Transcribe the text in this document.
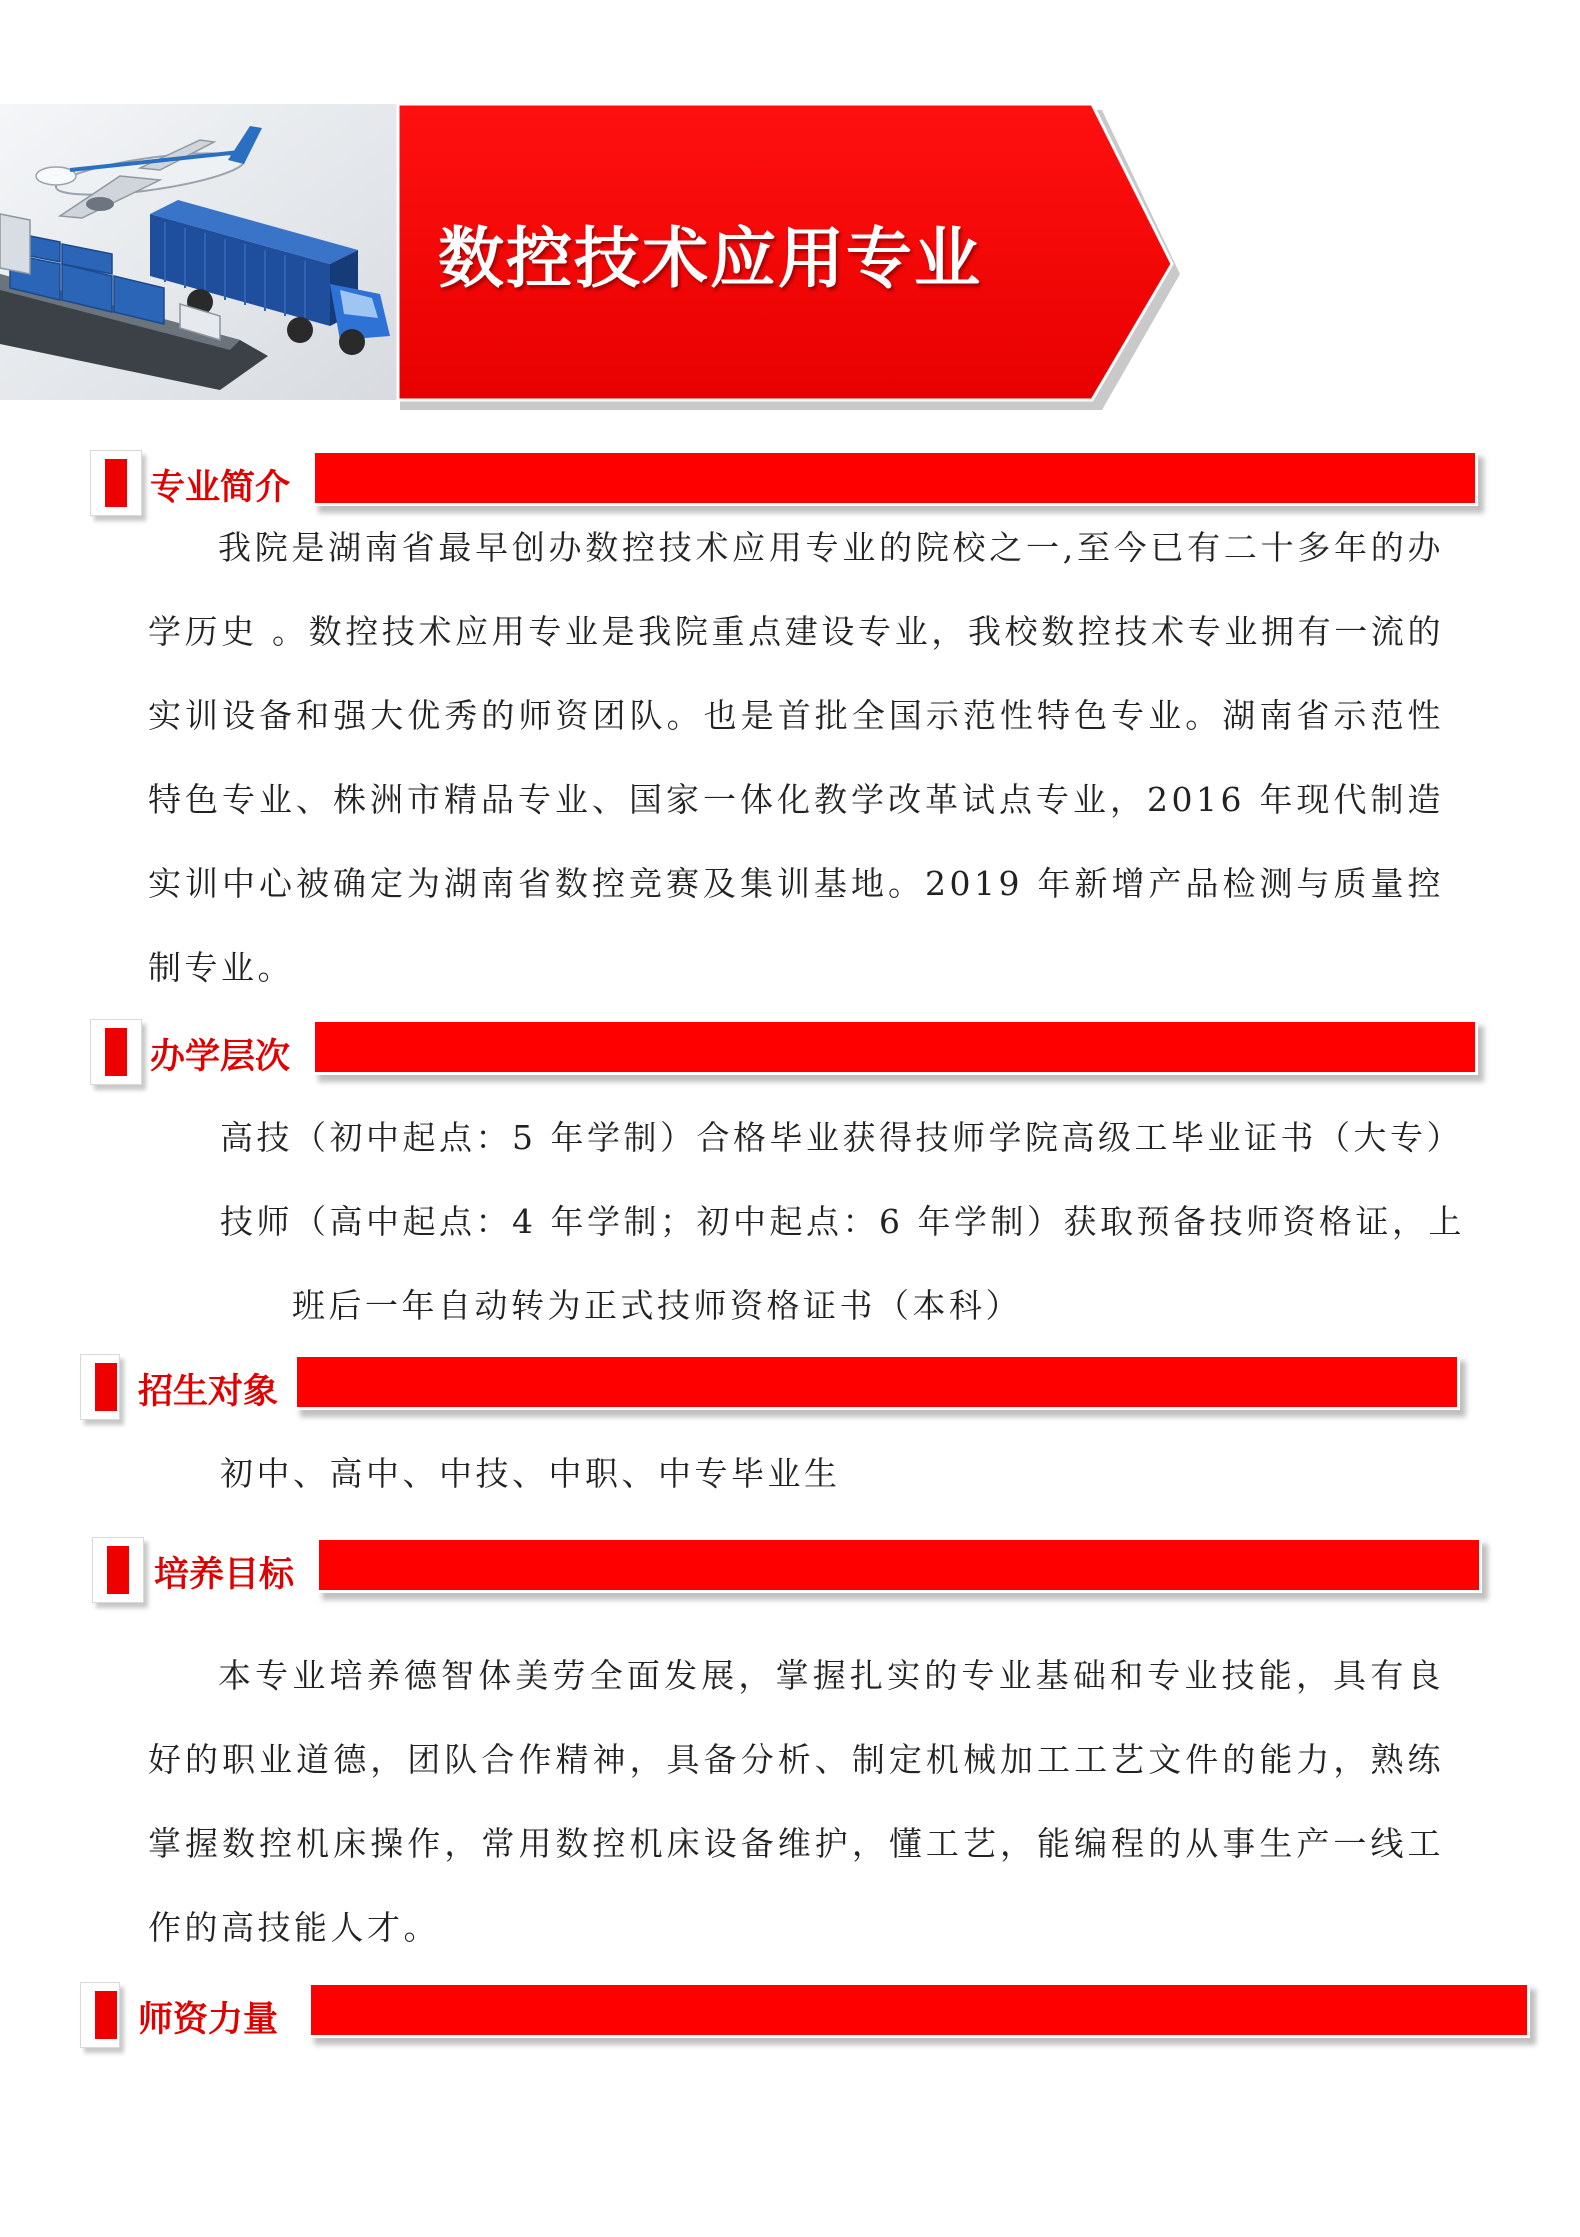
数控技术应用专业
专业简介

我院是湖南省最早创办数控技术应用专业的院校之一,至今已有二十多年的办学历史 。数控技术应用专业是我院重点建设专业，我校数控技术专业拥有一流的实训设备和强大优秀的师资团队。也是首批全国示范性特色专业。湖南省示范性特色专业、株洲市精品专业、国家一体化教学改革试点专业，2016 年现代制造实训中心被确定为湖南省数控竞赛及集训基地。2019 年新增产品检测与质量控制专业。

办学层次

高技（初中起点：5 年学制）合格毕业获得技师学院高级工毕业证书（大专）

技师（高中起点：4 年学制；初中起点：6 年学制）获取预备技师资格证，上

班后一年自动转为正式技师资格证书（本科）

招生对象

初中、高中、中技、中职、中专毕业生

培养目标

本专业培养德智体美劳全面发展，掌握扎实的专业基础和专业技能，具有良好的职业道德，团队合作精神，具备分析、制定机械加工工艺文件的能力，熟练掌握数控机床操作，常用数控机床设备维护，懂工艺，能编程的从事生产一线工作的高技能人才。

师资力量
